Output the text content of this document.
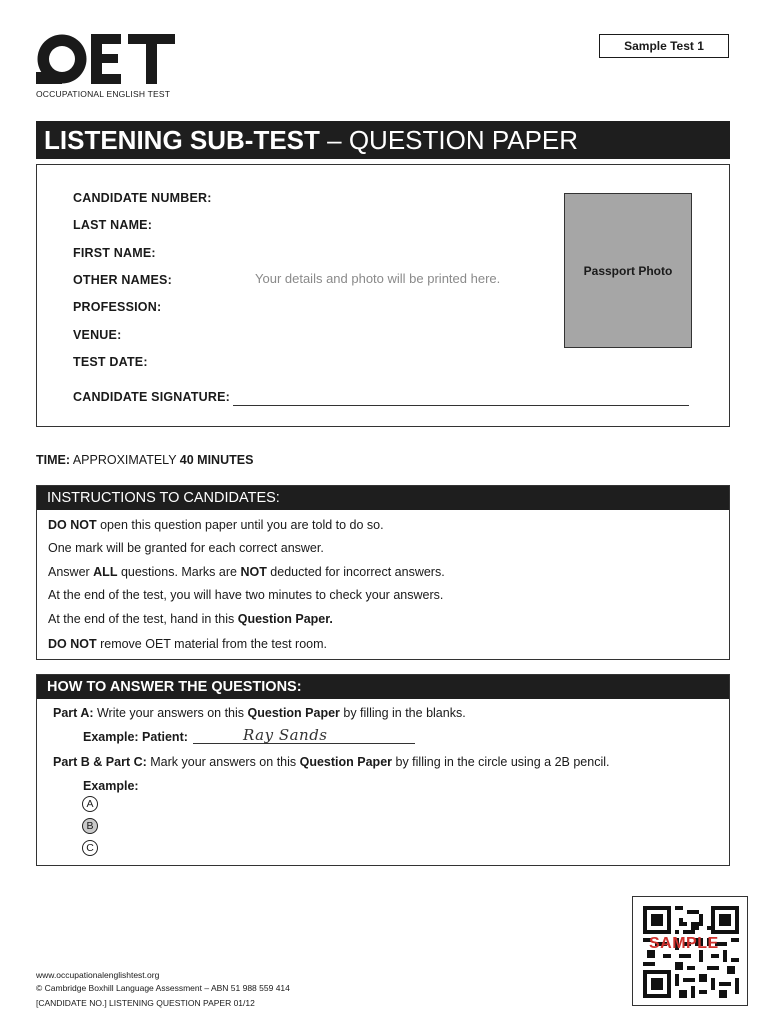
OCCUPATIONAL ENGLISH TEST
Sample Test 1
LISTENING SUB-TEST – QUESTION PAPER
CANDIDATE NUMBER:
LAST NAME:
FIRST NAME:
OTHER NAMES:
PROFESSION:
VENUE:
TEST DATE:
CANDIDATE SIGNATURE:
Your details and photo will be printed here.
Passport Photo
TIME: APPROXIMATELY 40 MINUTES
INSTRUCTIONS TO CANDIDATES:
DO NOT open this question paper until you are told to do so.
One mark will be granted for each correct answer.
Answer ALL questions. Marks are NOT deducted for incorrect answers.
At the end of the test, you will have two minutes to check your answers.
At the end of the test, hand in this Question Paper.
DO NOT remove OET material from the test room.
HOW TO ANSWER THE QUESTIONS:
Part A: Write your answers on this Question Paper by filling in the blanks.
Example: Patient:	Ray Sands
Part B & Part C: Mark your answers on this Question Paper by filling in the circle using a 2B pencil.
Example:
A
B
C
SAMPLE
www.occupationalenglishtest.org
© Cambridge Boxhill Language Assessment – ABN 51 988 559 414
[CANDIDATE NO.] LISTENING QUESTION PAPER 01/12
